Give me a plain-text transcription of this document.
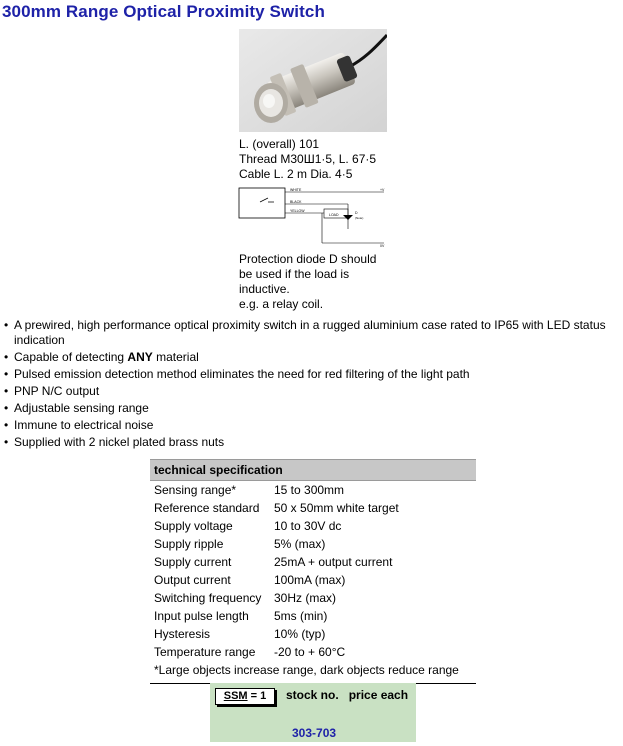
300mm Range Optical Proximity Switch
L. (overall) 101
Thread M30Ш1·5, L. 67·5
Cable L. 2 m Dia. 4·5
WHITE
BLACK
YELLOW
LOAD	D
(Note)
+V
0V
Protection diode D should
be used if the load is
inductive.
e.g. a relay coil.
• A prewired, high performance optical proximity switch in a rugged aluminium case rated to IP65 with LED status indication
• Capable of detecting ANY material
• Pulsed emission detection method eliminates the need for red filtering of the light path
• PNP N/C output
• Adjustable sensing range
• Immune to electrical noise
• Supplied with 2 nickel plated brass nuts
technical specification	
Sensing range*	15 to 300mm
Reference standard	50 x 50mm white target
Supply voltage	10 to 30V dc
Supply ripple	5% (max)
Supply current	25mA + output current
Output current	100mA (max)
Switching frequency	30Hz (max)
Input pulse length	5ms (min)
Hysteresis	10% (typ)
Temperature range	-20 to + 60°C
*Large objects increase range, dark objects reduce range	

SSM = 1	stock no. price each
303-703
